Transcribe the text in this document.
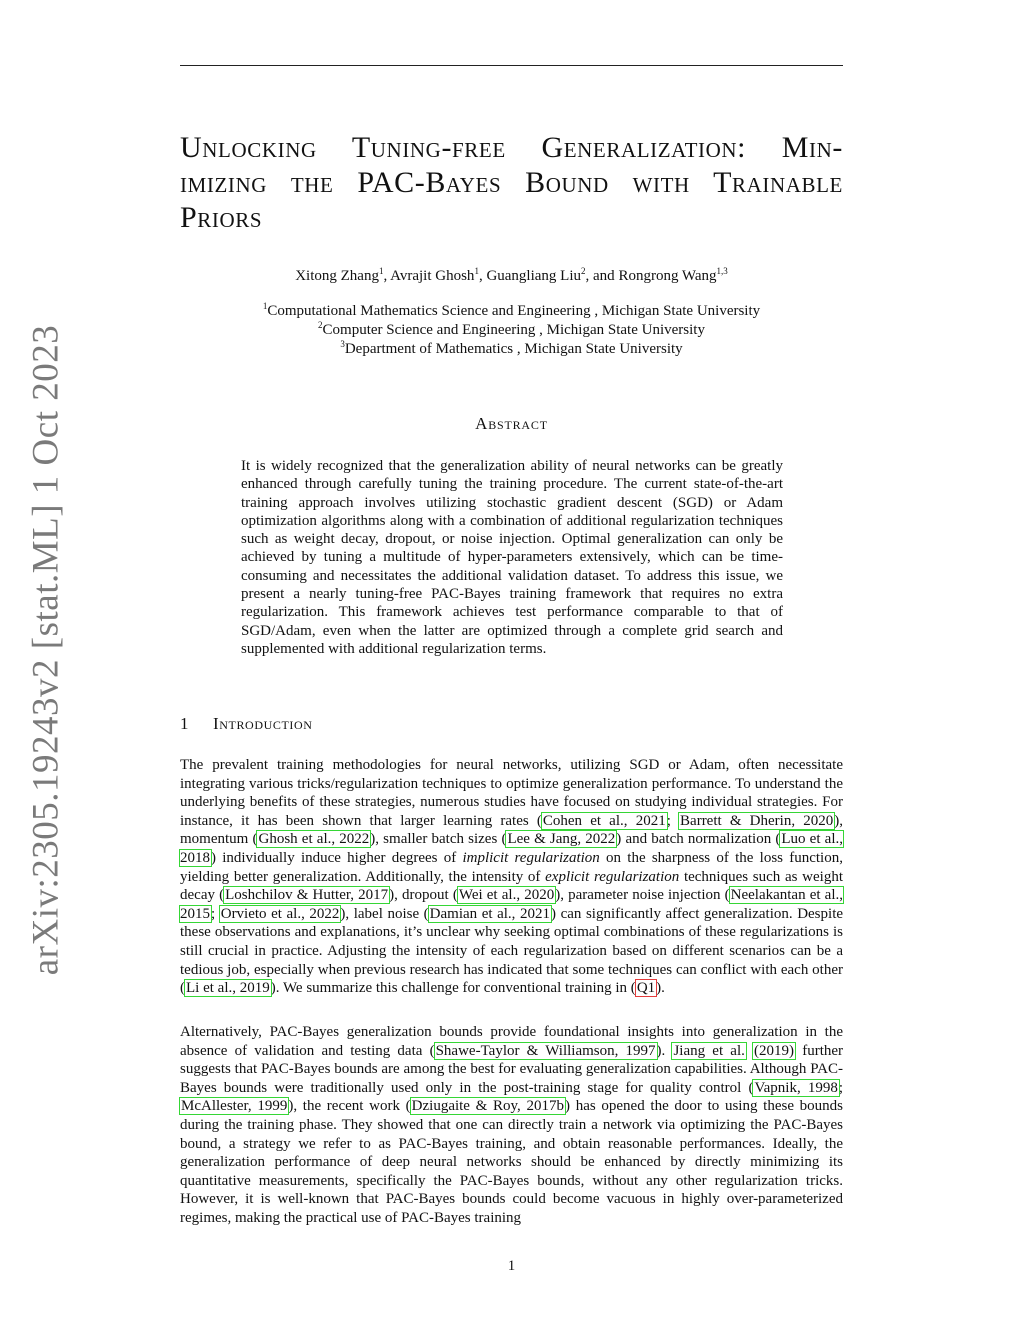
arXiv:2305.19243v2 [stat.ML] 1 Oct 2023
Unlocking Tuning-free Generalization: Min-
imizing the PAC-Bayes Bound with Trainable
Priors
Xitong Zhang$^1$, Avrajit Ghosh$^1$, Guangliang Liu$^2$, and Rongrong Wang$^{1,3}$
$^1$Computational Mathematics Science and Engineering , Michigan State University
$^2$Computer Science and Engineering , Michigan State University
$^3$Department of Mathematics , Michigan State University
Abstract
It is widely recognized that the generalization ability of neural networks can be greatly enhanced through carefully tuning the training procedure. The current state-of-the-art training approach involves utilizing stochastic gradient descent (SGD) or Adam optimization algorithms along with a combination of additional regularization techniques such as weight decay, dropout, or noise injection. Optimal generalization can only be achieved by tuning a multitude of hyper-parameters extensively, which can be time-consuming and necessitates the additional validation dataset. To address this issue, we present a nearly tuning-free PAC-Bayes training framework that requires no extra regularization. This framework achieves test performance comparable to that of SGD/Adam, even when the latter are optimized through a complete grid search and supplemented with additional regularization terms.
1 Introduction
The prevalent training methodologies for neural networks, utilizing SGD or Adam, often necessitate integrating various tricks/regularization techniques to optimize generalization performance. To understand the underlying benefits of these strategies, numerous studies have focused on studying individual strategies. For instance, it has been shown that larger learning rates (Cohen et al., 2021; Barrett & Dherin, 2020), momentum (Ghosh et al., 2022), smaller batch sizes (Lee & Jang, 2022) and batch normalization (Luo et al., 2018) individually induce higher degrees of implicit regularization on the sharpness of the loss function, yielding better generalization. Additionally, the intensity of explicit regularization techniques such as weight decay (Loshchilov & Hutter, 2017), dropout (Wei et al., 2020), parameter noise injection (Neelakantan et al., 2015; Orvieto et al., 2022), label noise (Damian et al., 2021) can significantly affect generalization. Despite these observations and explanations, it’s unclear why seeking optimal combinations of these regularizations is still crucial in practice. Adjusting the intensity of each regularization based on different scenarios can be a tedious job, especially when previous research has indicated that some techniques can conflict with each other (Li et al., 2019). We summarize this challenge for conventional training in (Q1).
Alternatively, PAC-Bayes generalization bounds provide foundational insights into generalization in the absence of validation and testing data (Shawe-Taylor & Williamson, 1997). Jiang et al. (2019) further suggests that PAC-Bayes bounds are among the best for evaluating generalization capabilities. Although PAC-Bayes bounds were traditionally used only in the post-training stage for quality control (Vapnik, 1998; McAllester, 1999), the recent work (Dziugaite & Roy, 2017b) has opened the door to using these bounds during the training phase. They showed that one can directly train a network via optimizing the PAC-Bayes bound, a strategy we refer to as PAC-Bayes training, and obtain reasonable performances. Ideally, the generalization performance of deep neural networks should be enhanced by directly minimizing its quantitative measurements, specifically the PAC-Bayes bounds, without any other regularization tricks. However, it is well-known that PAC-Bayes bounds could become vacuous in highly over-parameterized regimes, making the practical use of PAC-Bayes training
1
